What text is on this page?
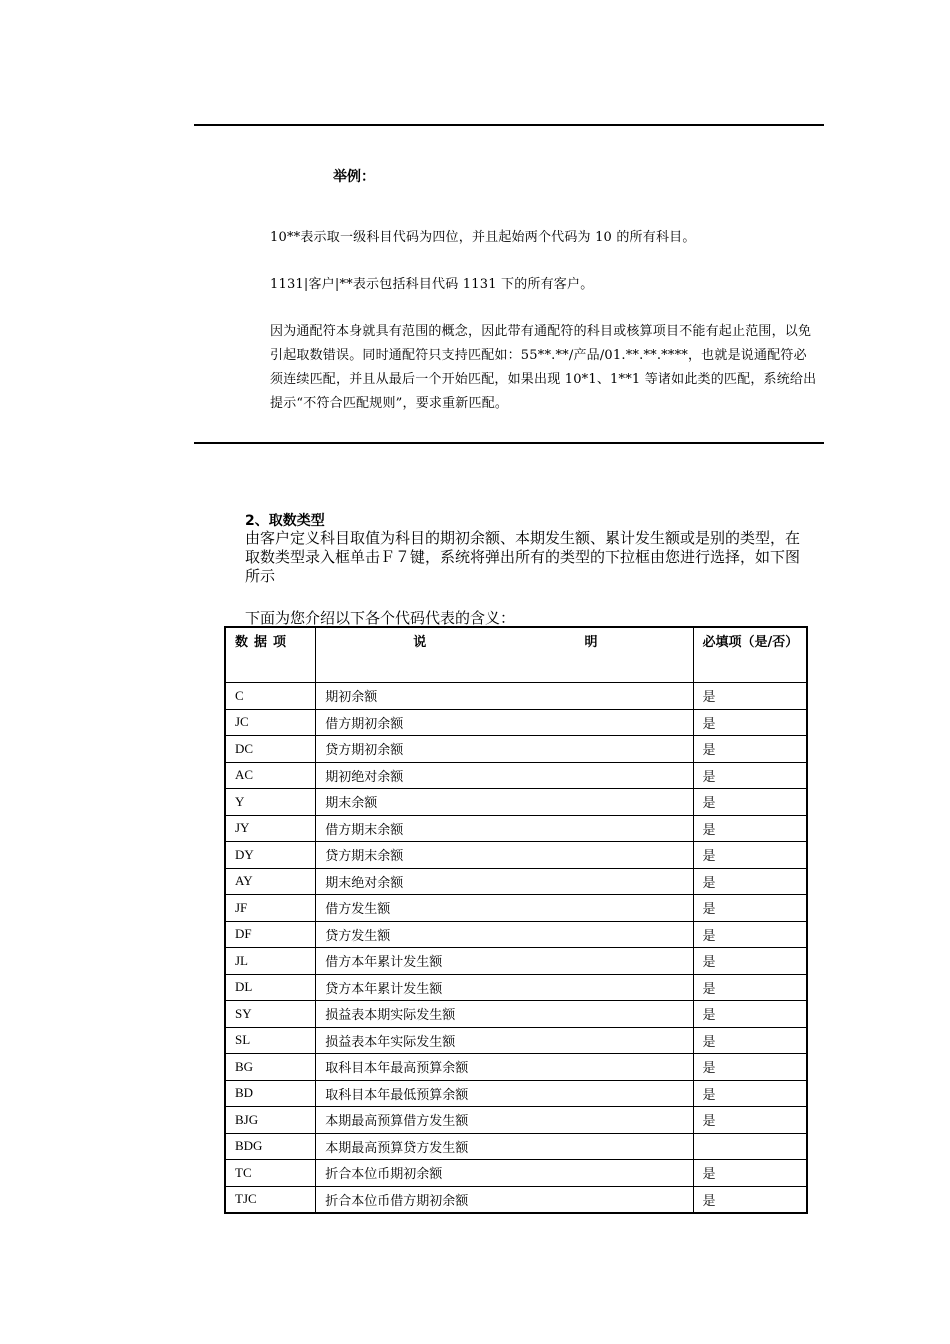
举例：
10**表示取一级科目代码为四位，并且起始两个代码为 10 的所有科目。
1131|客户|**表示包括科目代码 1131 下的所有客户。
因为通配符本身就具有范围的概念，因此带有通配符的科目或核算项目不能有起止范围，以免引起取数错误。同时通配符只支持匹配如：55**.**/产品/01.**.**.****，也就是说通配符必须连续匹配，并且从最后一个开始匹配，如果出现 10*1、1**1 等诸如此类的匹配，系统给出提示“不符合匹配规则”，要求重新匹配。
2、取数类型
由客户定义科目取值为科目的期初余额、本期发生额、累计发生额或是别的类型，在取数类型录入框单击Ｆ７键，系统将弹出所有的类型的下拉框由您进行选择，如下图所示
下面为您介绍以下各个代码代表的含义：
数据项	说 明	必填项（是/否）
C	期初余额	是
JC	借方期初余额	是
DC	贷方期初余额	是
AC	期初绝对余额	是
Y	期末余额	是
JY	借方期末余额	是
DY	贷方期末余额	是
AY	期末绝对余额	是
JF	借方发生额	是
DF	贷方发生额	是
JL	借方本年累计发生额	是
DL	贷方本年累计发生额	是
SY	损益表本期实际发生额	是
SL	损益表本年实际发生额	是
BG	取科目本年最高预算余额	是
BD	取科目本年最低预算余额	是
BJG	本期最高预算借方发生额	是
BDG	本期最高预算贷方发生额	
TC	折合本位币期初余额	是
TJC	折合本位币借方期初余额	是
